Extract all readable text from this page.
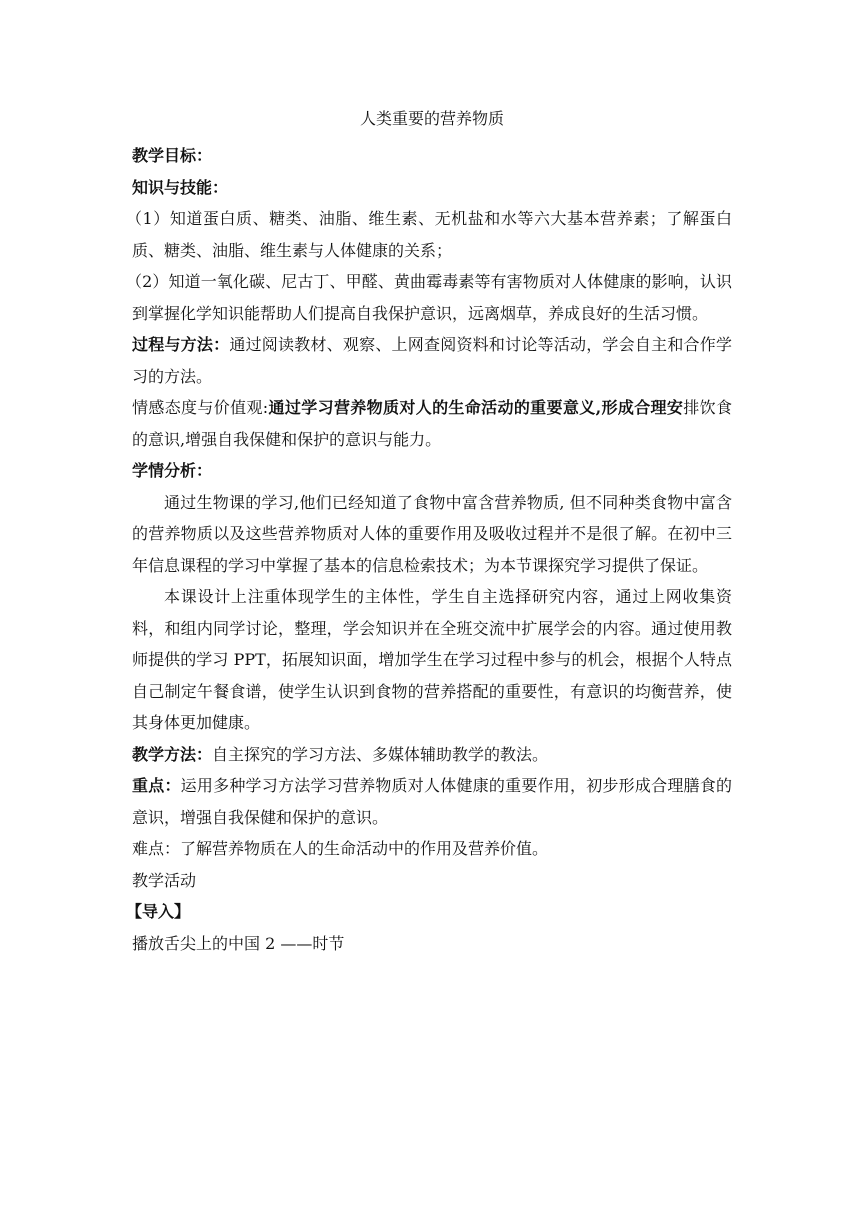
人类重要的营养物质

教学目标：

知识与技能：

（1）知道蛋白质、糖类、油脂、维生素、无机盐和水等六大基本营养素；了解蛋白质、糖类、油脂、维生素与人体健康的关系；

（2）知道一氧化碳、尼古丁、甲醛、黄曲霉毒素等有害物质对人体健康的影响，认识到掌握化学知识能帮助人们提高自我保护意识，远离烟草，养成良好的生活习惯。

过程与方法：通过阅读教材、观察、上网查阅资料和讨论等活动，学会自主和合作学习的方法。

情感态度与价值观:通过学习营养物质对人的生命活动的重要意义,形成合理安排饮食的意识,增强自我保健和保护的意识与能力。

学情分析：

通过生物课的学习,他们已经知道了食物中富含营养物质, 但不同种类食物中富含的营养物质以及这些营养物质对人体的重要作用及吸收过程并不是很了解。在初中三年信息课程的学习中掌握了基本的信息检索技术；为本节课探究学习提供了保证。

本课设计上注重体现学生的主体性，学生自主选择研究内容，通过上网收集资料，和组内同学讨论，整理，学会知识并在全班交流中扩展学会的内容。通过使用教师提供的学习 PPT，拓展知识面，增加学生在学习过程中参与的机会，根据个人特点自己制定午餐食谱，使学生认识到食物的营养搭配的重要性，有意识的均衡营养，使其身体更加健康。

教学方法：自主探究的学习方法、多媒体辅助教学的教法。

重点：运用多种学习方法学习营养物质对人体健康的重要作用，初步形成合理膳食的意识，增强自我保健和保护的意识。

难点：了解营养物质在人的生命活动中的作用及营养价值。

教学活动

【导入】

播放舌尖上的中国 2 ——时节
